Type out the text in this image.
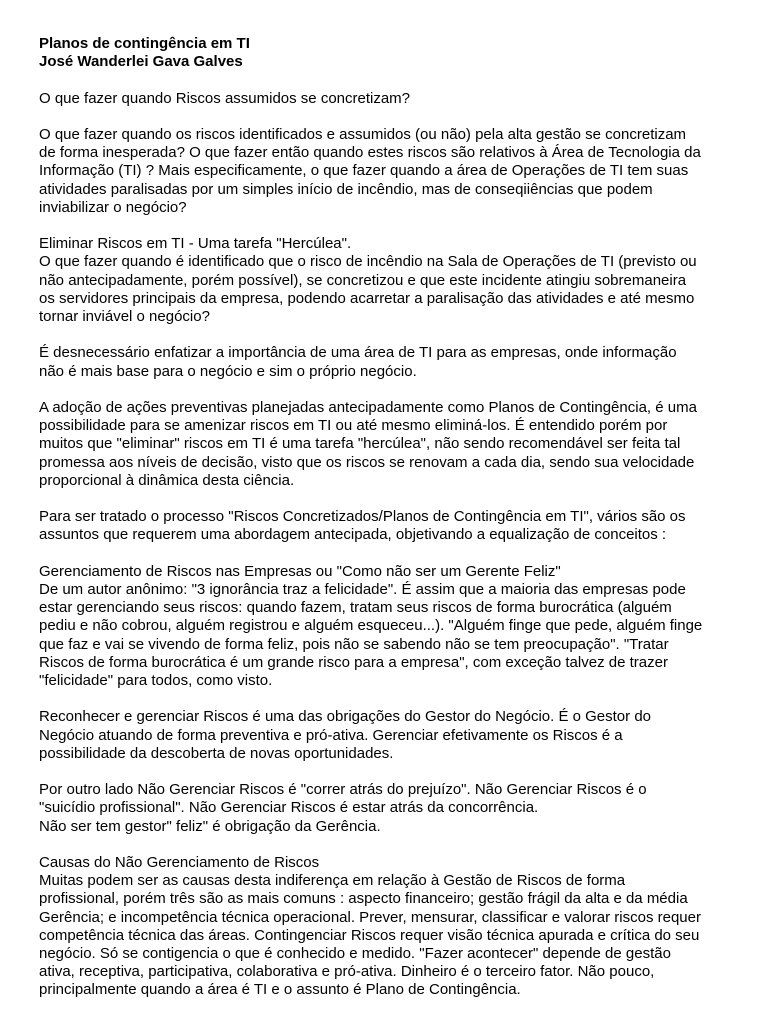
Planos de contingência em TI
José Wanderlei Gava Galves
O que fazer quando Riscos assumidos se concretizam?
O que fazer quando os riscos identificados e assumidos (ou não) pela alta gestão se concretizam
de forma inesperada? O que fazer então quando estes riscos são relativos à Área de Tecnologia da
Informação (TI) ? Mais especificamente, o que fazer quando a área de Operações de TI tem suas
atividades paralisadas por um simples início de incêndio, mas de conseqiiências que podem
inviabilizar o negócio?
Eliminar Riscos em TI - Uma tarefa "Hercúlea".
O que fazer quando é identificado que o risco de incêndio na Sala de Operações de TI (previsto ou
não antecipadamente, porém possível), se concretizou e que este incidente atingiu sobremaneira
os servidores principais da empresa, podendo acarretar a paralisação das atividades e até mesmo
tornar inviável o negócio?
É desnecessário enfatizar a importância de uma área de TI para as empresas, onde informação
não é mais base para o negócio e sim o próprio negócio.
A adoção de ações preventivas planejadas antecipadamente como Planos de Contingência, é uma
possibilidade para se amenizar riscos em TI ou até mesmo eliminá-los. É entendido porém por
muitos que "eliminar" riscos em TI é uma tarefa "hercúlea", não sendo recomendável ser feita tal
promessa aos níveis de decisão, visto que os riscos se renovam a cada dia, sendo sua velocidade
proporcional à dinâmica desta ciência.
Para ser tratado o processo "Riscos Concretizados/Planos de Contingência em TI", vários são os
assuntos que requerem uma abordagem antecipada, objetivando a equalização de conceitos :
Gerenciamento de Riscos nas Empresas ou "Como não ser um Gerente Feliz"
De um autor anônimo: "3 ignorância traz a felicidade". É assim que a maioria das empresas pode
estar gerenciando seus riscos: quando fazem, tratam seus riscos de forma burocrática (alguém
pediu e não cobrou, alguém registrou e alguém esqueceu...). "Alguém finge que pede, alguém finge
que faz e vai se vivendo de forma feliz, pois não se sabendo não se tem preocupação". "Tratar
Riscos de forma burocrática é um grande risco para a empresa", com exceção talvez de trazer
"felicidade" para todos, como visto.
Reconhecer e gerenciar Riscos é uma das obrigações do Gestor do Negócio. É o Gestor do
Negócio atuando de forma preventiva e pró-ativa. Gerenciar efetivamente os Riscos é a
possibilidade da descoberta de novas oportunidades.
Por outro lado Não Gerenciar Riscos é "correr atrás do prejuízo". Não Gerenciar Riscos é o
"suicídio profissional". Não Gerenciar Riscos é estar atrás da concorrência.
Não ser tem gestor" feliz" é obrigação da Gerência.
Causas do Não Gerenciamento de Riscos
Muitas podem ser as causas desta indiferença em relação à Gestão de Riscos de forma
profissional, porém três são as mais comuns : aspecto financeiro; gestão frágil da alta e da média
Gerência; e incompetência técnica operacional. Prever, mensurar, classificar e valorar riscos requer
competência técnica das áreas. Contingenciar Riscos requer visão técnica apurada e crítica do seu
negócio. Só se contigencia o que é conhecido e medido. "Fazer acontecer" depende de gestão
ativa, receptiva, participativa, colaborativa e pró-ativa. Dinheiro é o terceiro fator. Não pouco,
principalmente quando a área é TI e o assunto é Plano de Contingência.
